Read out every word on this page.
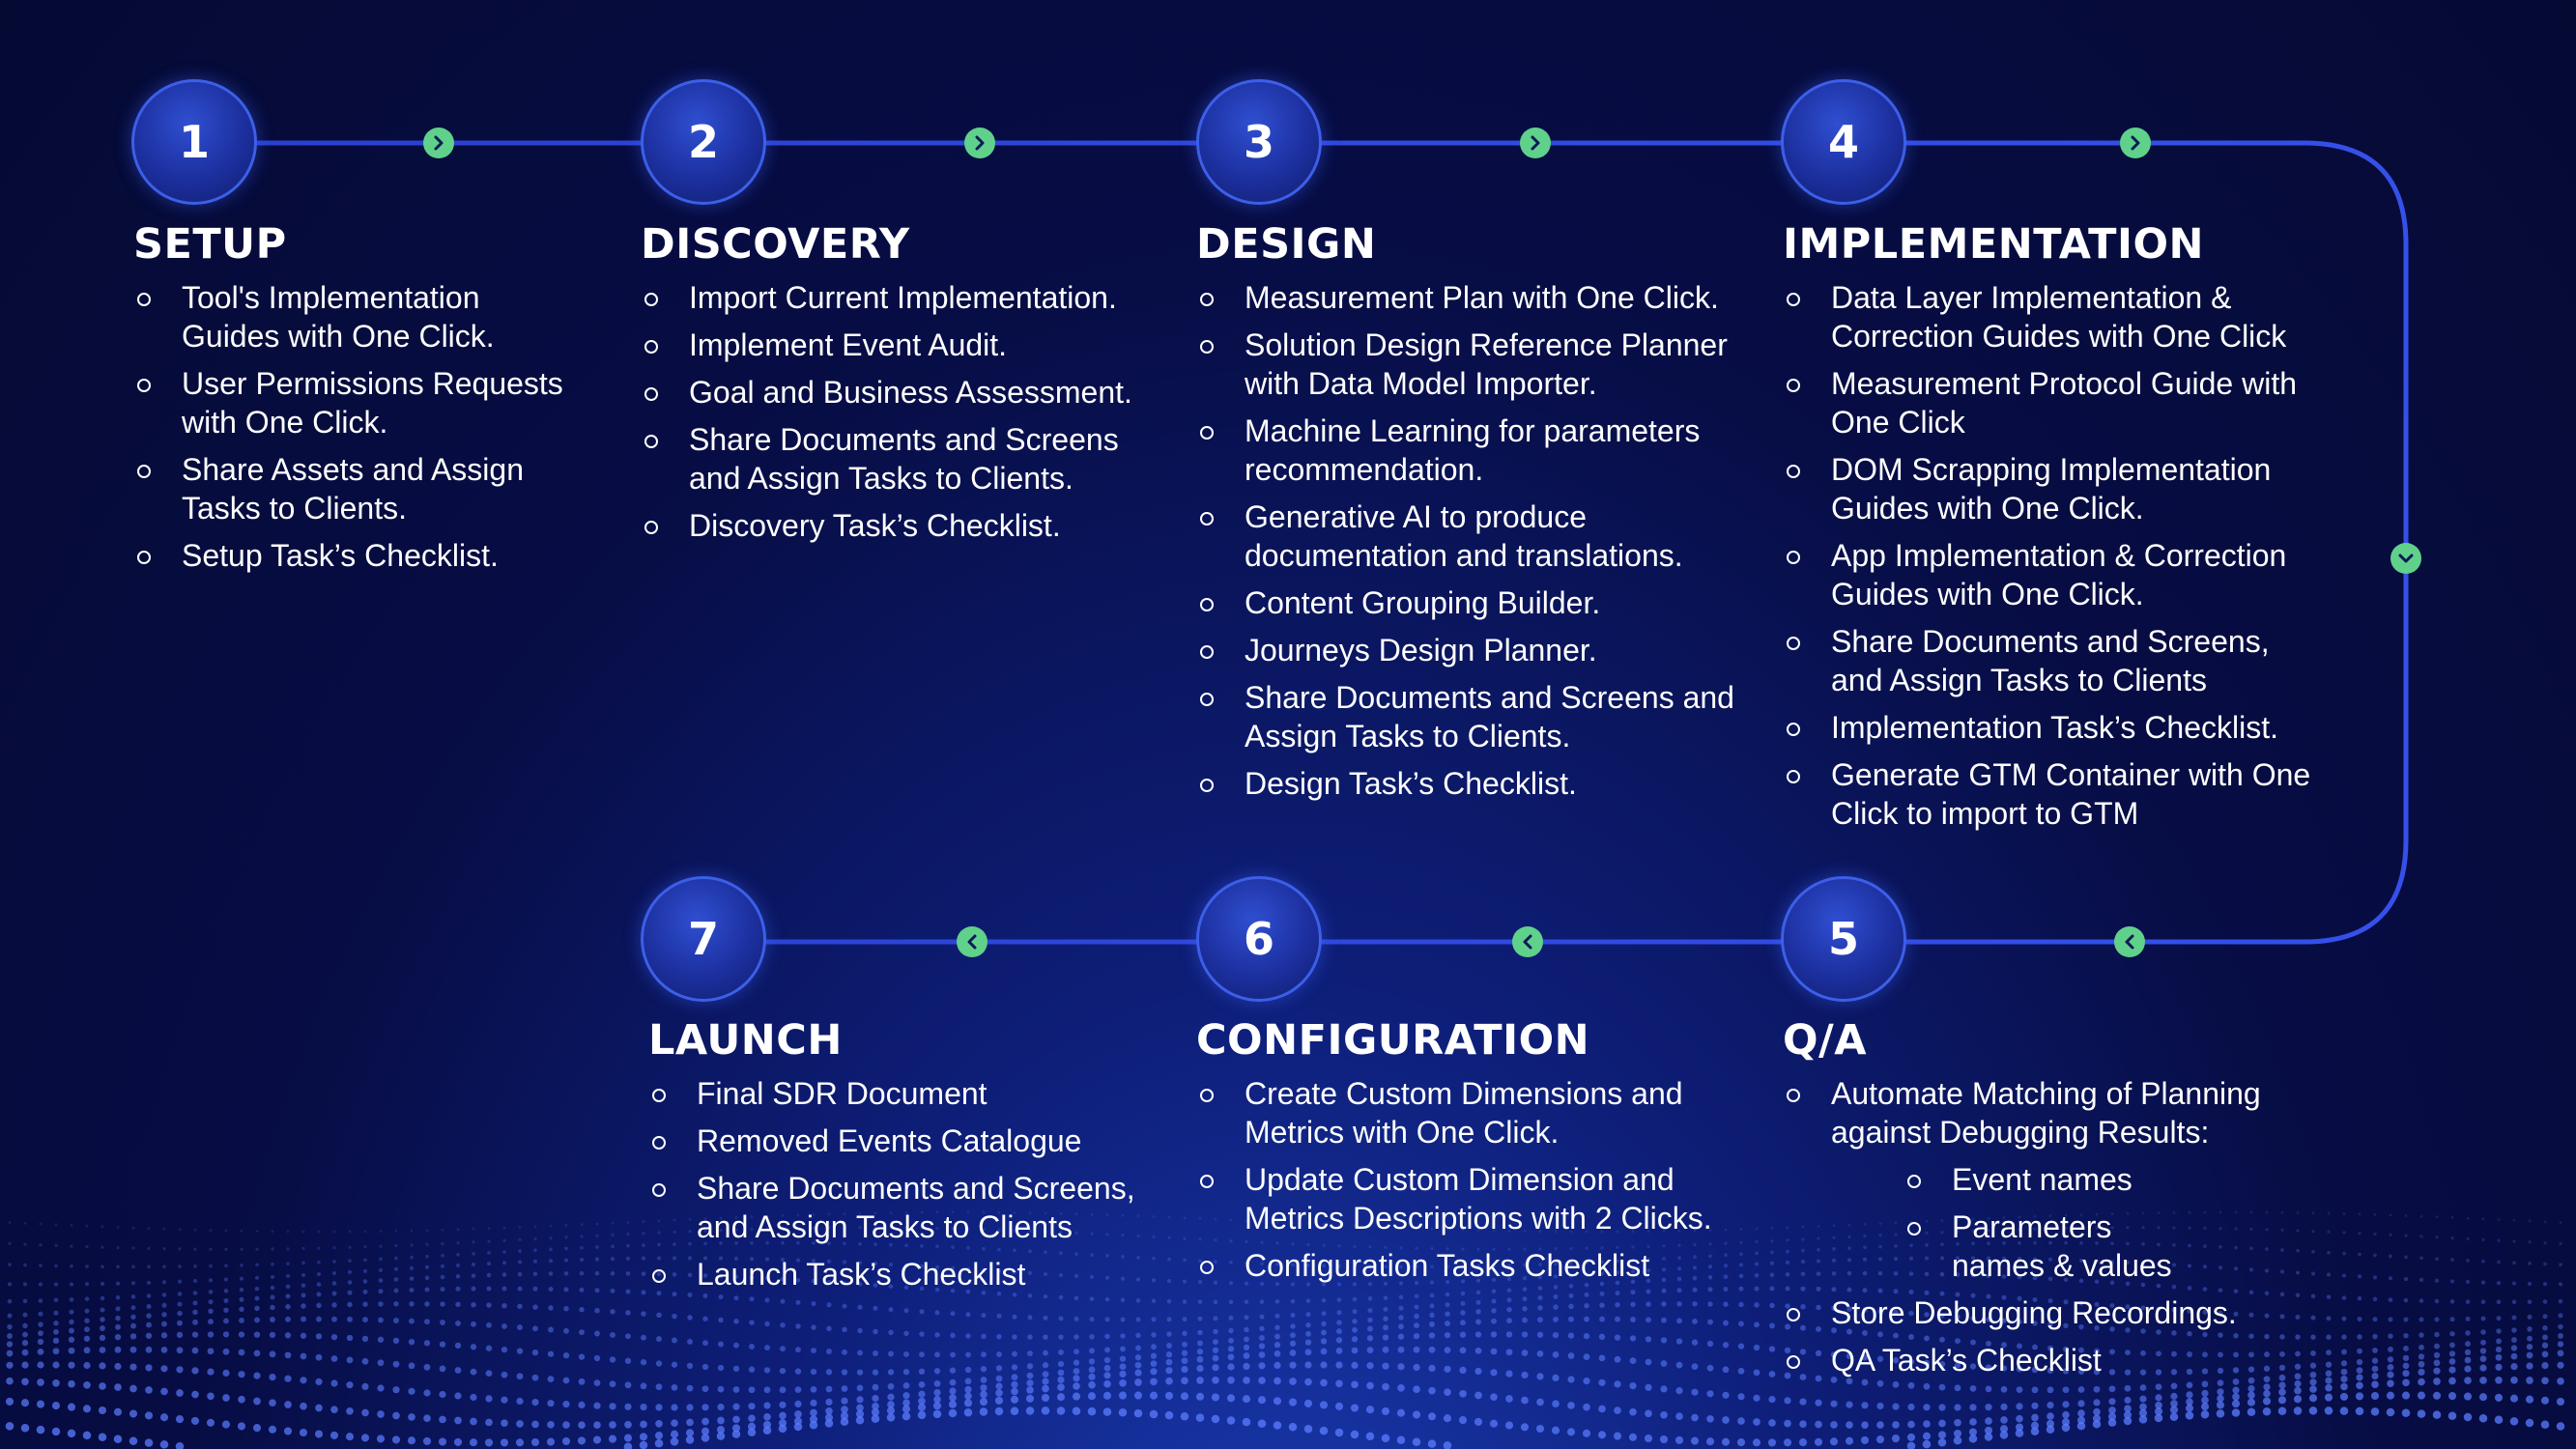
1	2	3	4
5
6
7
SETUP
Tool's Implementation Guides with One Click.
User Permissions Requests with One Click.
Share Assets and Assign Tasks to Clients.
Setup Task’s Checklist.
DISCOVERY
Import Current Implementation.
Implement Event Audit.
Goal and Business Assessment.
Share Documents and Screens and Assign Tasks to Clients.
Discovery Task’s Checklist.
DESIGN
Measurement Plan with One Click.
Solution Design Reference Planner with Data Model Importer.
Machine Learning for parameters recommendation.
Generative AI to produce documentation and translations.
Content Grouping Builder.
Journeys Design Planner.
Share Documents and Screens and Assign Tasks to Clients.
Design Task’s Checklist.
IMPLEMENTATION
Data Layer Implementation & Correction Guides with One Click
Measurement Protocol Guide with One Click
DOM Scrapping Implementation Guides with One Click.
App Implementation & Correction Guides with One Click.
Share Documents and Screens, and Assign Tasks to Clients
Implementation Task’s Checklist.
Generate GTM Container with One Click to import to GTM
Q/A
Automate Matching of Planning against Debugging Results:
Event names
Parameters names & values
Store Debugging Recordings.
QA Task’s Checklist
CONFIGURATION
Create Custom Dimensions and Metrics with One Click.
Update Custom Dimension and Metrics Descriptions with 2 Clicks.
Configuration Tasks Checklist
LAUNCH
Final SDR Document
Removed Events Catalogue
Share Documents and Screens, and Assign Tasks to Clients
Launch Task’s Checklist
